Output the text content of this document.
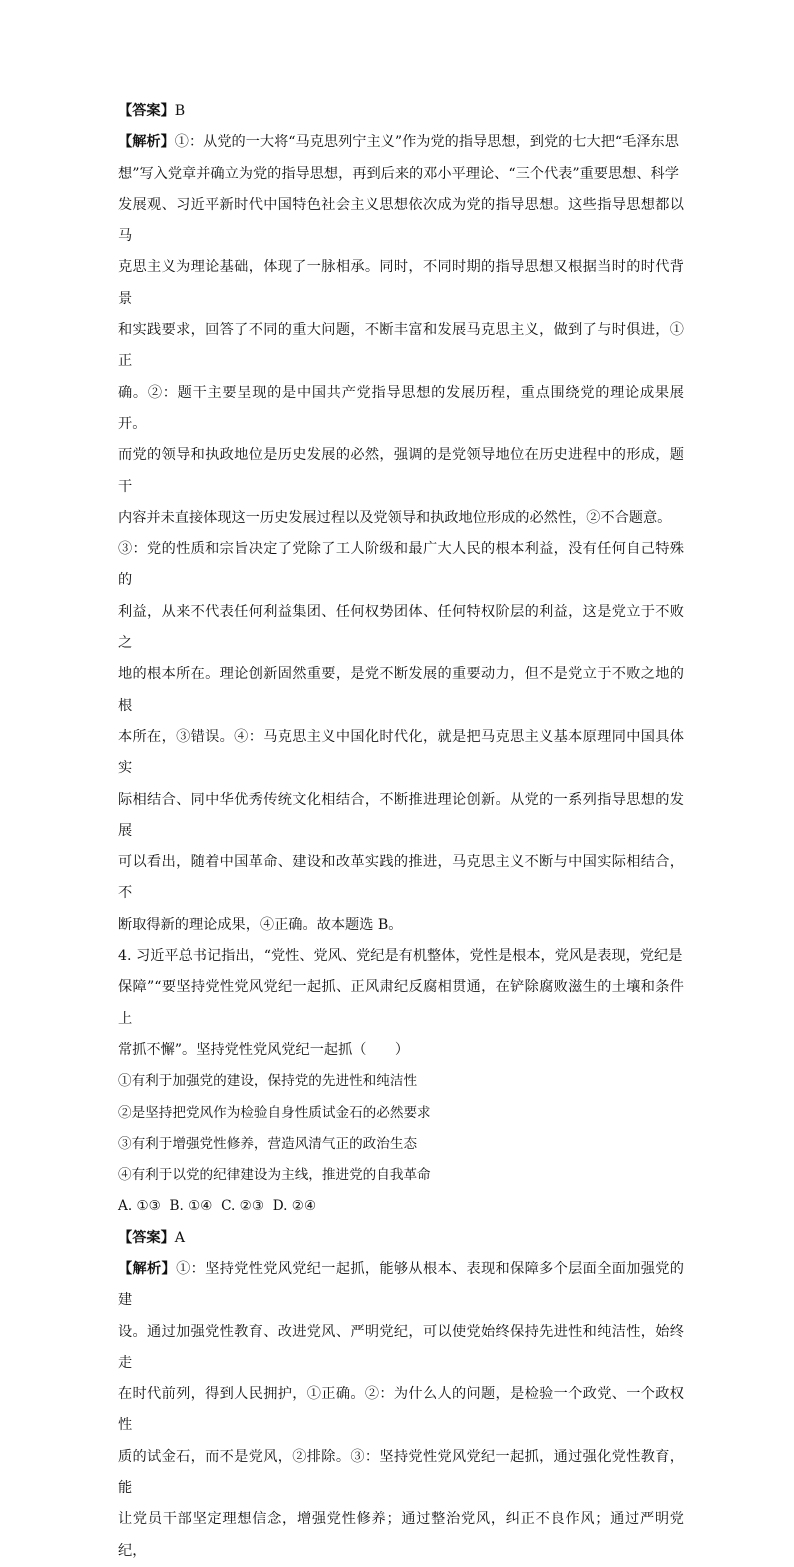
【答案】B

【解析】①：从党的一大将“马克思列宁主义”作为党的指导思想，到党的七大把“毛泽东思

想”写入党章并确立为党的指导思想，再到后来的邓小平理论、“三个代表”重要思想、科学

发展观、习近平新时代中国特色社会主义思想依次成为党的指导思想。这些指导思想都以马

克思主义为理论基础，体现了一脉相承。同时，不同时期的指导思想又根据当时的时代背景

和实践要求，回答了不同的重大问题，不断丰富和发展马克思主义，做到了与时俱进，①正

确。②：题干主要呈现的是中国共产党指导思想的发展历程，重点围绕党的理论成果展开。

而党的领导和执政地位是历史发展的必然，强调的是党领导地位在历史进程中的形成，题干

内容并未直接体现这一历史发展过程以及党领导和执政地位形成的必然性，②不合题意。

③：党的性质和宗旨决定了党除了工人阶级和最广大人民的根本利益，没有任何自己特殊的

利益，从来不代表任何利益集团、任何权势团体、任何特权阶层的利益，这是党立于不败之

地的根本所在。理论创新固然重要，是党不断发展的重要动力，但不是党立于不败之地的根

本所在，③错误。④：马克思主义中国化时代化，就是把马克思主义基本原理同中国具体实

际相结合、同中华优秀传统文化相结合，不断推进理论创新。从党的一系列指导思想的发展

可以看出，随着中国革命、建设和改革实践的推进，马克思主义不断与中国实际相结合，不

断取得新的理论成果，④正确。故本题选 B。

4. 习近平总书记指出，“党性、党风、党纪是有机整体，党性是根本，党风是表现，党纪是

保障”“要坚持党性党风党纪一起抓、正风肃纪反腐相贯通，在铲除腐败滋生的土壤和条件上

常抓不懈”。坚持党性党风党纪一起抓（　　）

①有利于加强党的建设，保持党的先进性和纯洁性

②是坚持把党风作为检验自身性质试金石的必然要求

③有利于增强党性修养，营造风清气正的政治生态

④有利于以党的纪律建设为主线，推进党的自我革命

A. ①③  B. ①④  C. ②③  D. ②④

【答案】A

【解析】①：坚持党性党风党纪一起抓，能够从根本、表现和保障多个层面全面加强党的建

设。通过加强党性教育、改进党风、严明党纪，可以使党始终保持先进性和纯洁性，始终走

在时代前列，得到人民拥护，①正确。②：为什么人的问题，是检验一个政党、一个政权性

质的试金石，而不是党风，②排除。③：坚持党性党风党纪一起抓，通过强化党性教育，能

让党员干部坚定理想信念，增强党性修养；通过整治党风，纠正不良作风；通过严明党纪，
